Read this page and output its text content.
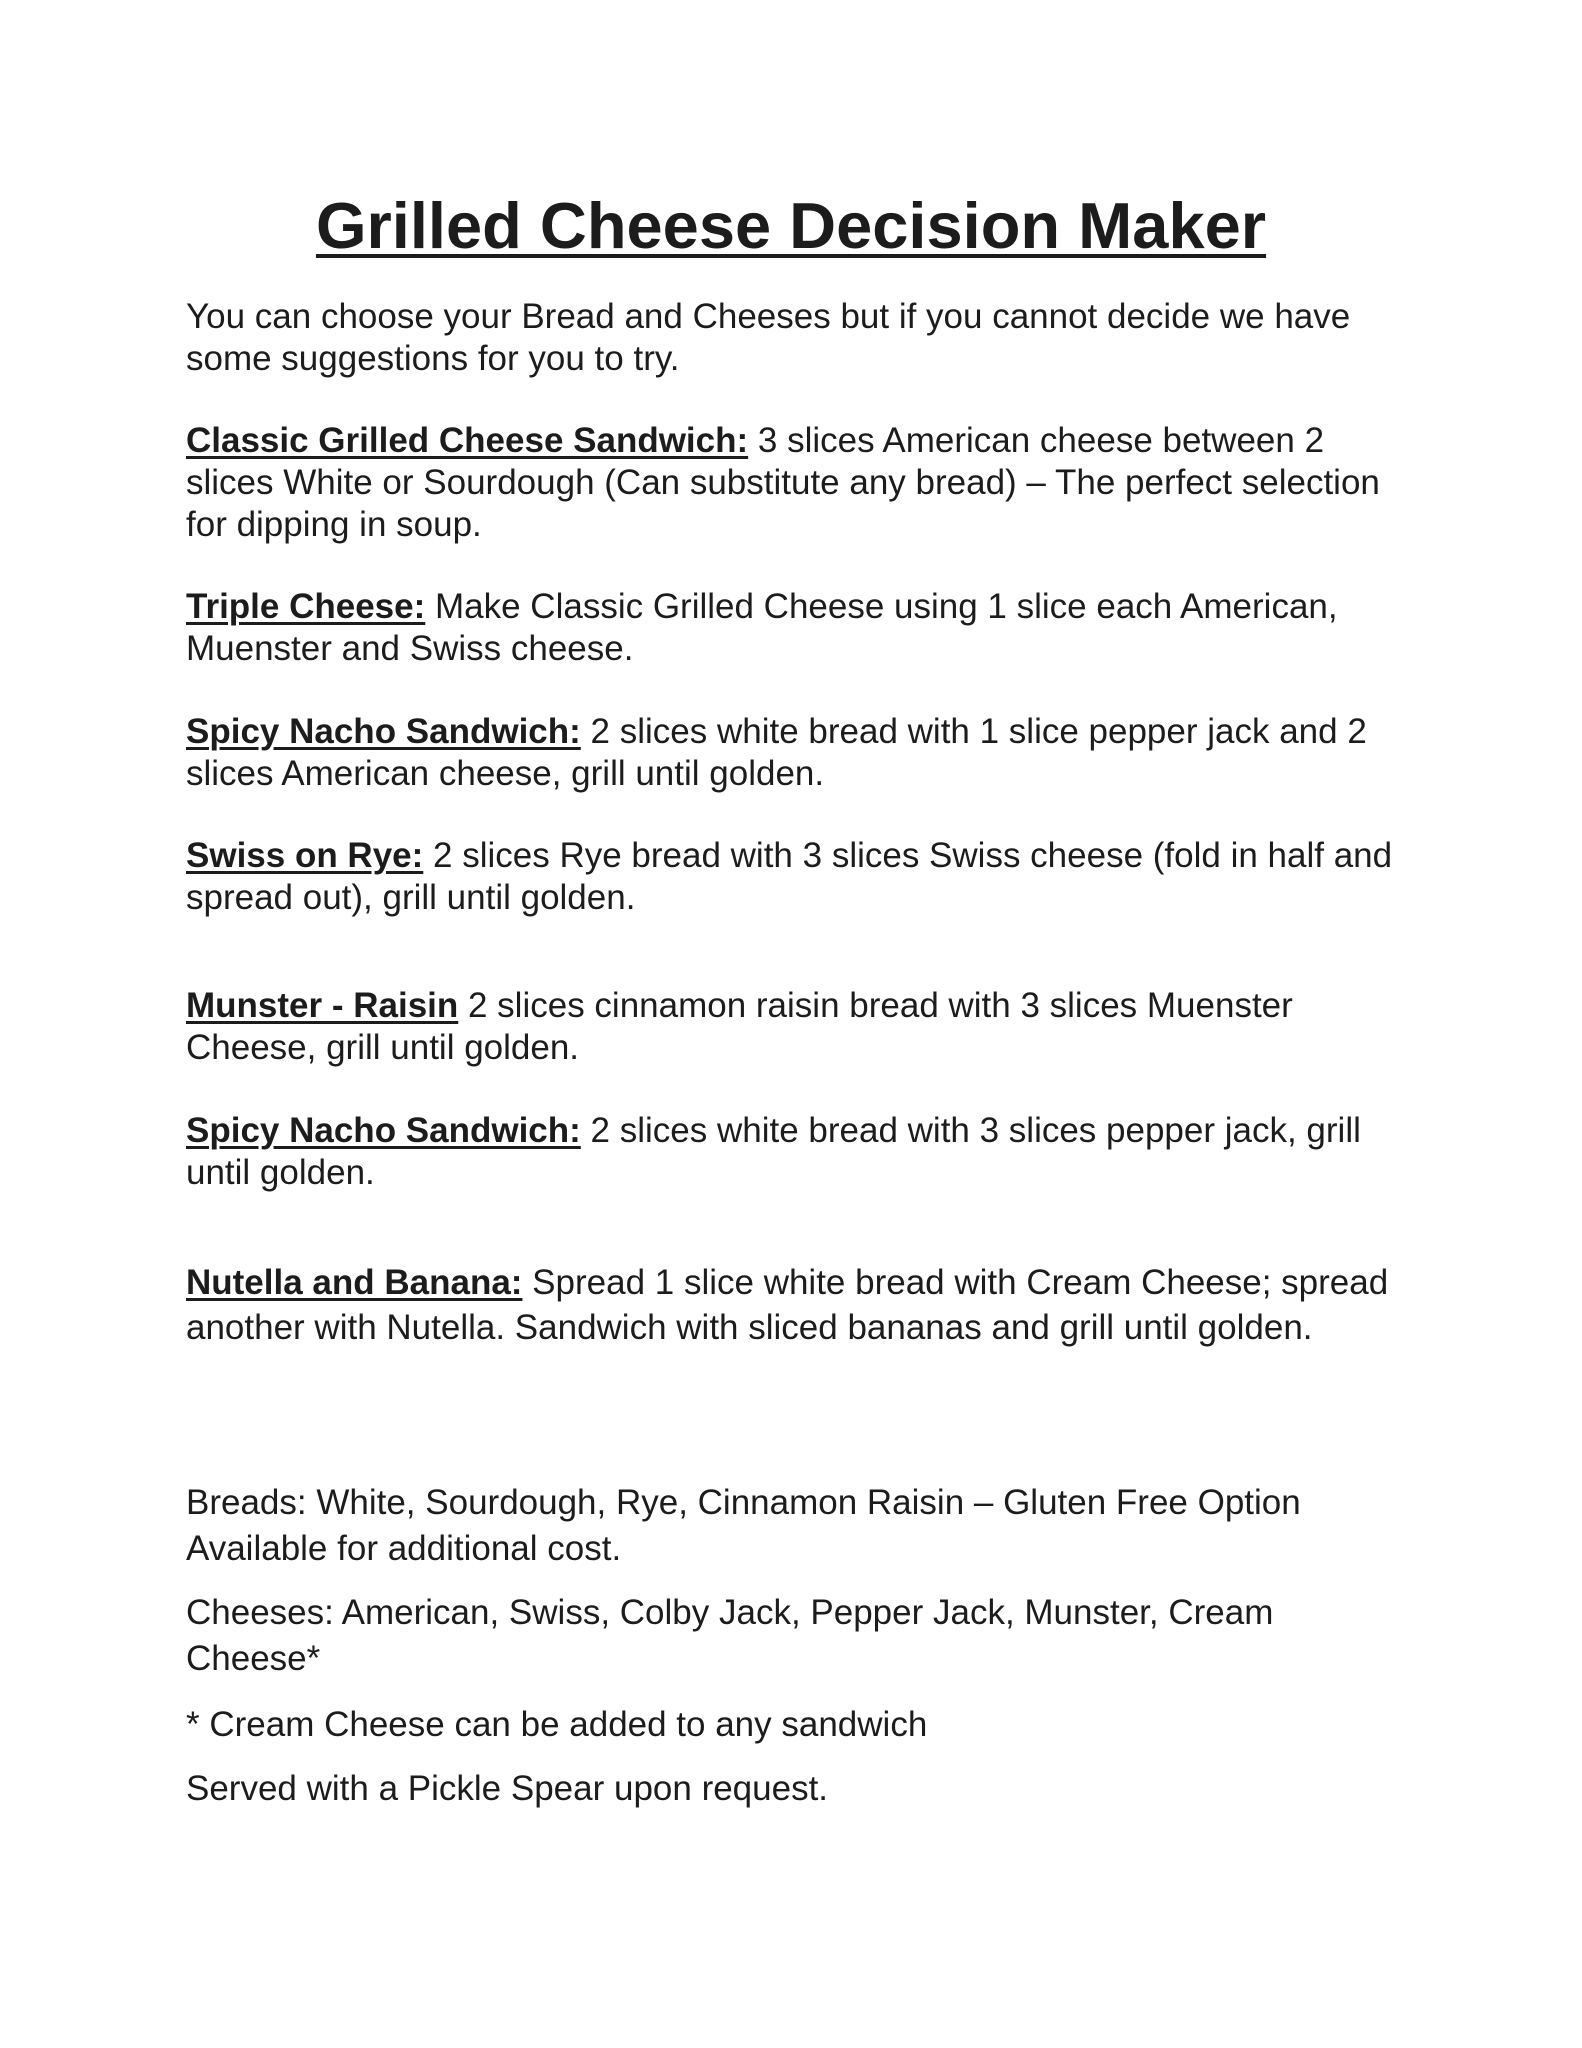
Grilled Cheese Decision Maker

You can choose your Bread and Cheeses but if you cannot decide we have some suggestions for you to try.

Classic Grilled Cheese Sandwich: 3 slices American cheese between 2 slices White or Sourdough (Can substitute any bread) – The perfect selection for dipping in soup.

Triple Cheese: Make Classic Grilled Cheese using 1 slice each American, Muenster and Swiss cheese.

Spicy Nacho Sandwich: 2 slices white bread with 1 slice pepper jack and 2 slices American cheese, grill until golden.

Swiss on Rye: 2 slices Rye bread with 3 slices Swiss cheese (fold in half and spread out), grill until golden.

Munster - Raisin 2 slices cinnamon raisin bread with 3 slices Muenster Cheese, grill until golden.

Spicy Nacho Sandwich: 2 slices white bread with 3 slices pepper jack, grill until golden.

Nutella and Banana: Spread 1 slice white bread with Cream Cheese; spread another with Nutella. Sandwich with sliced bananas and grill until golden.

Breads: White, Sourdough, Rye, Cinnamon Raisin – Gluten Free Option Available for additional cost.

Cheeses: American, Swiss, Colby Jack, Pepper Jack, Munster, Cream Cheese*

* Cream Cheese can be added to any sandwich

Served with a Pickle Spear upon request.
